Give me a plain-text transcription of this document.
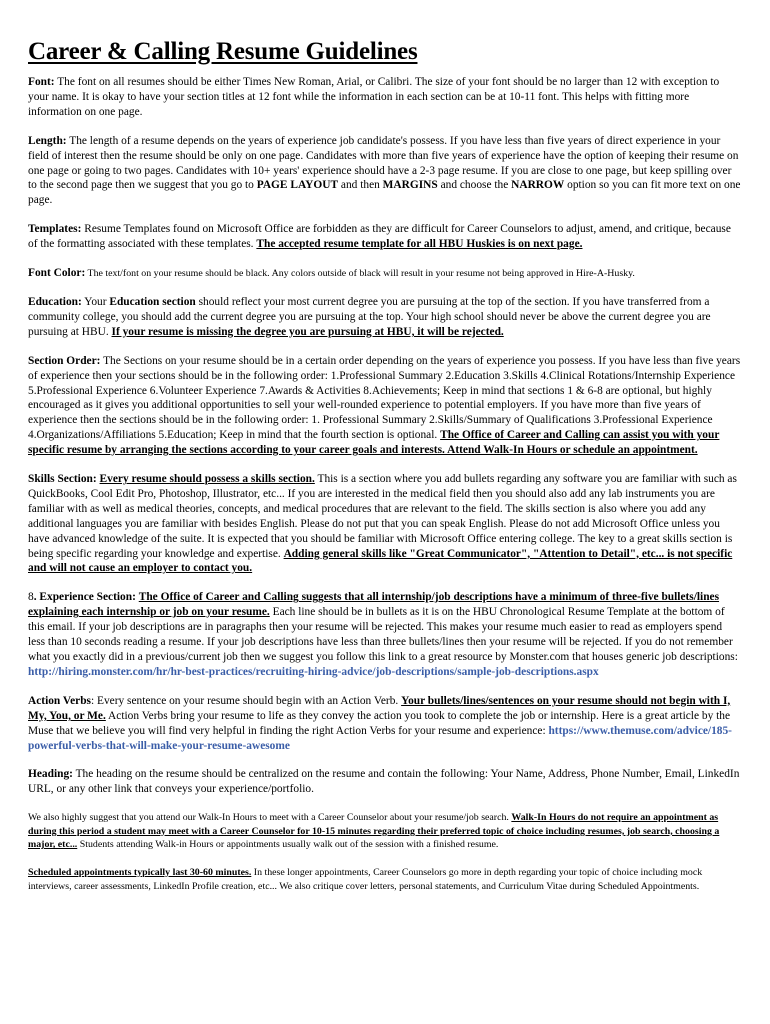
Career & Calling Resume Guidelines

Font: The font on all resumes should be either Times New Roman, Arial, or Calibri. The size of your font should be no larger than 12 with exception to your name. It is okay to have your section titles at 12 font while the information in each section can be at 10-11 font. This helps with fitting more information on one page.

Length: The length of a resume depends on the years of experience job candidate's possess. If you have less than five years of direct experience in your field of interest then the resume should be only on one page. Candidates with more than five years of experience have the option of keeping their resume on one page or going to two pages. Candidates with 10+ years' experience should have a 2-3 page resume. If you are close to one page, but keep spilling over to the second page then we suggest that you go to PAGE LAYOUT and then MARGINS and choose the NARROW option so you can fit more text on one page.

Templates: Resume Templates found on Microsoft Office are forbidden as they are difficult for Career Counselors to adjust, amend, and critique, because of the formatting associated with these templates. The accepted resume template for all HBU Huskies is on next page.

Font Color: The text/font on your resume should be black. Any colors outside of black will result in your resume not being approved in Hire-A-Husky.

Education: Your Education section should reflect your most current degree you are pursuing at the top of the section. If you have transferred from a community college, you should add the current degree you are pursuing at the top. Your high school should never be above the current degree you are pursuing at HBU. If your resume is missing the degree you are pursuing at HBU, it will be rejected.

Section Order: The Sections on your resume should be in a certain order depending on the years of experience you possess. If you have less than five years of experience then your sections should be in the following order: 1.Professional Summary 2.Education 3.Skills 4.Clinical Rotations/Internship Experience 5.Professional Experience 6.Volunteer Experience 7.Awards & Activities 8.Achievements; Keep in mind that sections 1 & 6-8 are optional, but highly encouraged as it gives you additional opportunities to sell your well-rounded experience to potential employers. If you have more than five years of experience then the sections should be in the following order: 1. Professional Summary 2.Skills/Summary of Qualifications 3.Professional Experience 4.Organizations/Affiliations 5.Education; Keep in mind that the fourth section is optional. The Office of Career and Calling can assist you with your specific resume by arranging the sections according to your career goals and interests. Attend Walk-In Hours or schedule an appointment.

Skills Section: Every resume should possess a skills section. This is a section where you add bullets regarding any software you are familiar with such as QuickBooks, Cool Edit Pro, Photoshop, Illustrator, etc... If you are interested in the medical field then you should also add any lab instruments you are familiar with as well as medical theories, concepts, and medical procedures that are relevant to the field. The skills section is also where you add any additional languages you are familiar with besides English. Please do not put that you can speak English. Please do not add Microsoft Office unless you have advanced knowledge of the suite. It is expected that you should be familiar with Microsoft Office entering college. The key to a great skills section is being specific regarding your knowledge and expertise. Adding general skills like "Great Communicator", "Attention to Detail", etc... is not specific and will not cause an employer to contact you.

8. Experience Section: The Office of Career and Calling suggests that all internship/job descriptions have a minimum of three-five bullets/lines explaining each internship or job on your resume. Each line should be in bullets as it is on the HBU Chronological Resume Template at the bottom of this email. If your job descriptions are in paragraphs then your resume will be rejected. This makes your resume much easier to read as employers spend less than 10 seconds reading a resume. If your job descriptions have less than three bullets/lines then your resume will be rejected. If you do not remember what you exactly did in a previous/current job then we suggest you follow this link to a great resource by Monster.com that houses generic job descriptions: http://hiring.monster.com/hr/hr-best-practices/recruiting-hiring-advice/job-descriptions/sample-job-descriptions.aspx

Action Verbs: Every sentence on your resume should begin with an Action Verb. Your bullets/lines/sentences on your resume should not begin with I, My, You, or Me. Action Verbs bring your resume to life as they convey the action you took to complete the job or internship. Here is a great article by the Muse that we believe you will find very helpful in finding the right Action Verbs for your resume and experience: https://www.themuse.com/advice/185-powerful-verbs-that-will-make-your-resume-awesome

Heading: The heading on the resume should be centralized on the resume and contain the following: Your Name, Address, Phone Number, Email, LinkedIn URL, or any other link that conveys your experience/portfolio.

We also highly suggest that you attend our Walk-In Hours to meet with a Career Counselor about your resume/job search. Walk-In Hours do not require an appointment as during this period a student may meet with a Career Counselor for 10-15 minutes regarding their preferred topic of choice including resumes, job search, choosing a major, etc... Students attending Walk-in Hours or appointments usually walk out of the session with a finished resume.

Scheduled appointments typically last 30-60 minutes. In these longer appointments, Career Counselors go more in depth regarding your topic of choice including mock interviews, career assessments, LinkedIn Profile creation, etc... We also critique cover letters, personal statements, and Curriculum Vitae during Scheduled Appointments.
